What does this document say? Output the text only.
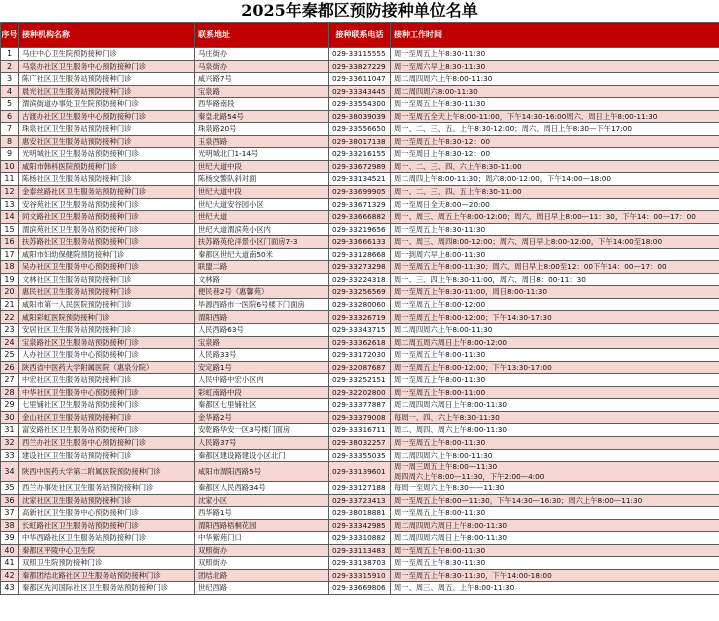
2025年秦都区预防接种单位名单
序号	接种机构名称	联系地址	接种联系电话	接种工作时间
1	马庄中心卫生院预防接种门诊	马庄街办	029-33115555	周一至周五上午8:30-11:30

2	马泉办社区卫生服务中心预防接种门诊	马泉街办	029-33827229	周一至周六早上8:30-11:30

3	陈广社区卫生服务站预防接种门诊	咸兴路7号	029-33611047	周二周四周六上午8:00-11:30

4	晨光社区卫生服务站预防接种门诊	宝泉路	029-33343445	周二周四周六8:00-11:30

5	渭滨街道办事处卫生院预防接种门诊	西华路南段	029-33554300	周一至周五上午8:30-11:30

6	古渡办社区卫生服务中心预防接种门诊	秦皇北路54号	029-38039039	周一至周五全天上午8:00-11:00，下午14:30-16:00周六、周日上午8:00-11:30

7	珠泉社区卫生服务站预防接种门诊	珠泉路20号	029-33556650	周一、二、三、五、上午8:30-12:00；周六、周日上午8:30—下午17:00

8	惠安社区卫生服务站预防接种门诊	玉泉西路	029-38017138	周一至周五上午8:30-12：00

9	光明城社区卫生服务站预防接种门诊	光明城北门1-14号	029-33216155	周一至周日上午8:30-12：00

10	咸阳市韩科医院预防接种门诊	世纪大道中段	029-33672989	周一、二、三、四、六上午8:30-11:00

11	陈杨社区卫生服务站预防接种门诊	陈杨交警队斜对面	029-33134521	周二周四上午8:00-11:30；周六8:00-12:00，下午14:00—18:00

12	金泰丝路社区卫生服务站预防接种门诊	世纪大道中段	029-33699905	周一、二、三、四、五上午8:30-11:00

13	安谷苑社区卫生服务站预防接种门诊	世纪大道安谷园小区	029-33671329	周一至周日全天8:00—20:00

14	同文路社区卫生服务站预防接种门诊	世纪大道	029-33666882	周一、周三、周五上午8:00-12:00；周六、周日早上8:00—11：30，下午14：00—17：00

15	渭滨苑社区卫生服务站预防接种门诊	世纪大道渭滨苑小区内	029-33219656	周一至周五上午8:30-11:30

16	扶苏路社区卫生服务站预防接种门诊	扶苏路英伦洋景小区门面房7-3	029-33666133	周一、周三、周四8:00-12:00；周六、周日早上8:00-12:00，下午14:00至18:00

17	咸阳市妇幼保健院预防接种门诊	秦都区世纪大道南50米	029-33128668	周一到周六早上8:00-11:30

18	吴办社区卫生服务中心预防接种门诊	联盟二路	029-33273298	周一至周五上午8:00-11:30；周六、周日早上8:00至12：00下午14：00—17：00

19	文林社区卫生服务站预防接种门诊	文林路	029-33224318	周一、三、四上午8:30-11:00，周六、周日8：00-11：30

20	惠民社区卫生服务站预防接种门诊	便民巷2号（惠馨苑）	029-33256569	周一至周五上午8:30-11:00，周日8:00-11:30

21	咸阳市第一人民医院预防接种门诊	毕源西路市一医院6号楼下门面房	029-33280060	周一至周五上午8:00-12:00

22	咸阳彩虹医院预防接种门诊	渭阳西路	029-33326719	周一至周五上午8:00-12:00；下午14:30-17:30

23	安居社区卫生服务站预防接种门诊	人民西路63号	029-33343715	周二周四周六上午8:00-11:30

24	宝泉路社区卫生服务站预防接种门诊	宝泉路	029-33362618	周二周五周六周日上午8:00-12:00

25	人办社区卫生服务中心预防接种门诊	人民路33号	029-33172030	周一至周五上午8:00-11:30

26	陕西省中医药大学附属医院（惠泉分院）	安定路1号	029-32087687	周一至周五上午8:00-12:00；下午13:30-17:00

27	中宏社区卫生服务站预防接种门诊	人民中路中宏小区内	029-33252151	周一至周五上午8:00-11:30

28	中华社区卫生服务中心预防接种门诊	彩虹南路中段	029-32202800	周一至周五上午8:00-11:00

29	七里铺社区卫生服务站预防接种门诊	秦都区七里铺社区	029-33377887	周二周四周六周日上午8:00-11:30

30	金山社区卫生服务站预防接种门诊	金华路2号	029-33379008	每周一、四、六上午8:30-11:30

31	富安路社区卫生服务站预防接种门诊	安乾路华安一区3号楼门面房	029-33316711	周二、周四、周六上午8:00-11:30

32	西兰办社区卫生服务中心预防接种门诊	人民路37号	029-38032257	周一至周五上午8:00-11:30

33	建设社区卫生服务站预防接种门诊	秦都区建设路建设小区北门	029-33355035	周二周四周六上午8:00-11:30

34	陕西中医药大学第二附属医院预防接种门诊	咸阳市渭阳西路5号	029-33139601	周一周三周五上午8:00—11:30
周四周六上午8:00—11:30，下午2:00—4:00

35	西兰办事处社区卫生服务站预防接种门诊	秦都区人民西路34号	029-33127188	每周一至周六上午8:30——11:30

36	沈家社区卫生服务站预防接种门诊	沈家小区	029-33723413	周一至周五上午8:00—11:30，下午14:30—16:30；周六上午8:00—11:30

37	高新社区卫生服务中心预防接种门诊	西华路1号	029-38018881	周一至周五上午8:00-11:30

38	长虹路社区卫生服务站预防接种门诊	渭阳西路梧桐花园	029-33342985	周二周四周六周日上午8:00-11:30

39	中华西路社区卫生服务站预防接种门诊	中华紫苑门口	029-33310882	周二周四周六周日上午8:00-11:30

40	秦都区平陵中心卫生院	双照街办	029-33113483	周一至周五上午8:00-11:30

41	双照卫生院预防接种门诊	双照街办	029-33138703	周一至周五上午8:30-11:30

42	秦都团结北路社区卫生服务站预防接种门诊	团结北路	029-33315910	周一至周五上午8:30-11:30，下午14:00-18:00

43	秦都区先河国际社区卫生服务站预防接种门诊	世纪西路	029-33669806	周一、周三、周五、上午8:00-11:30
